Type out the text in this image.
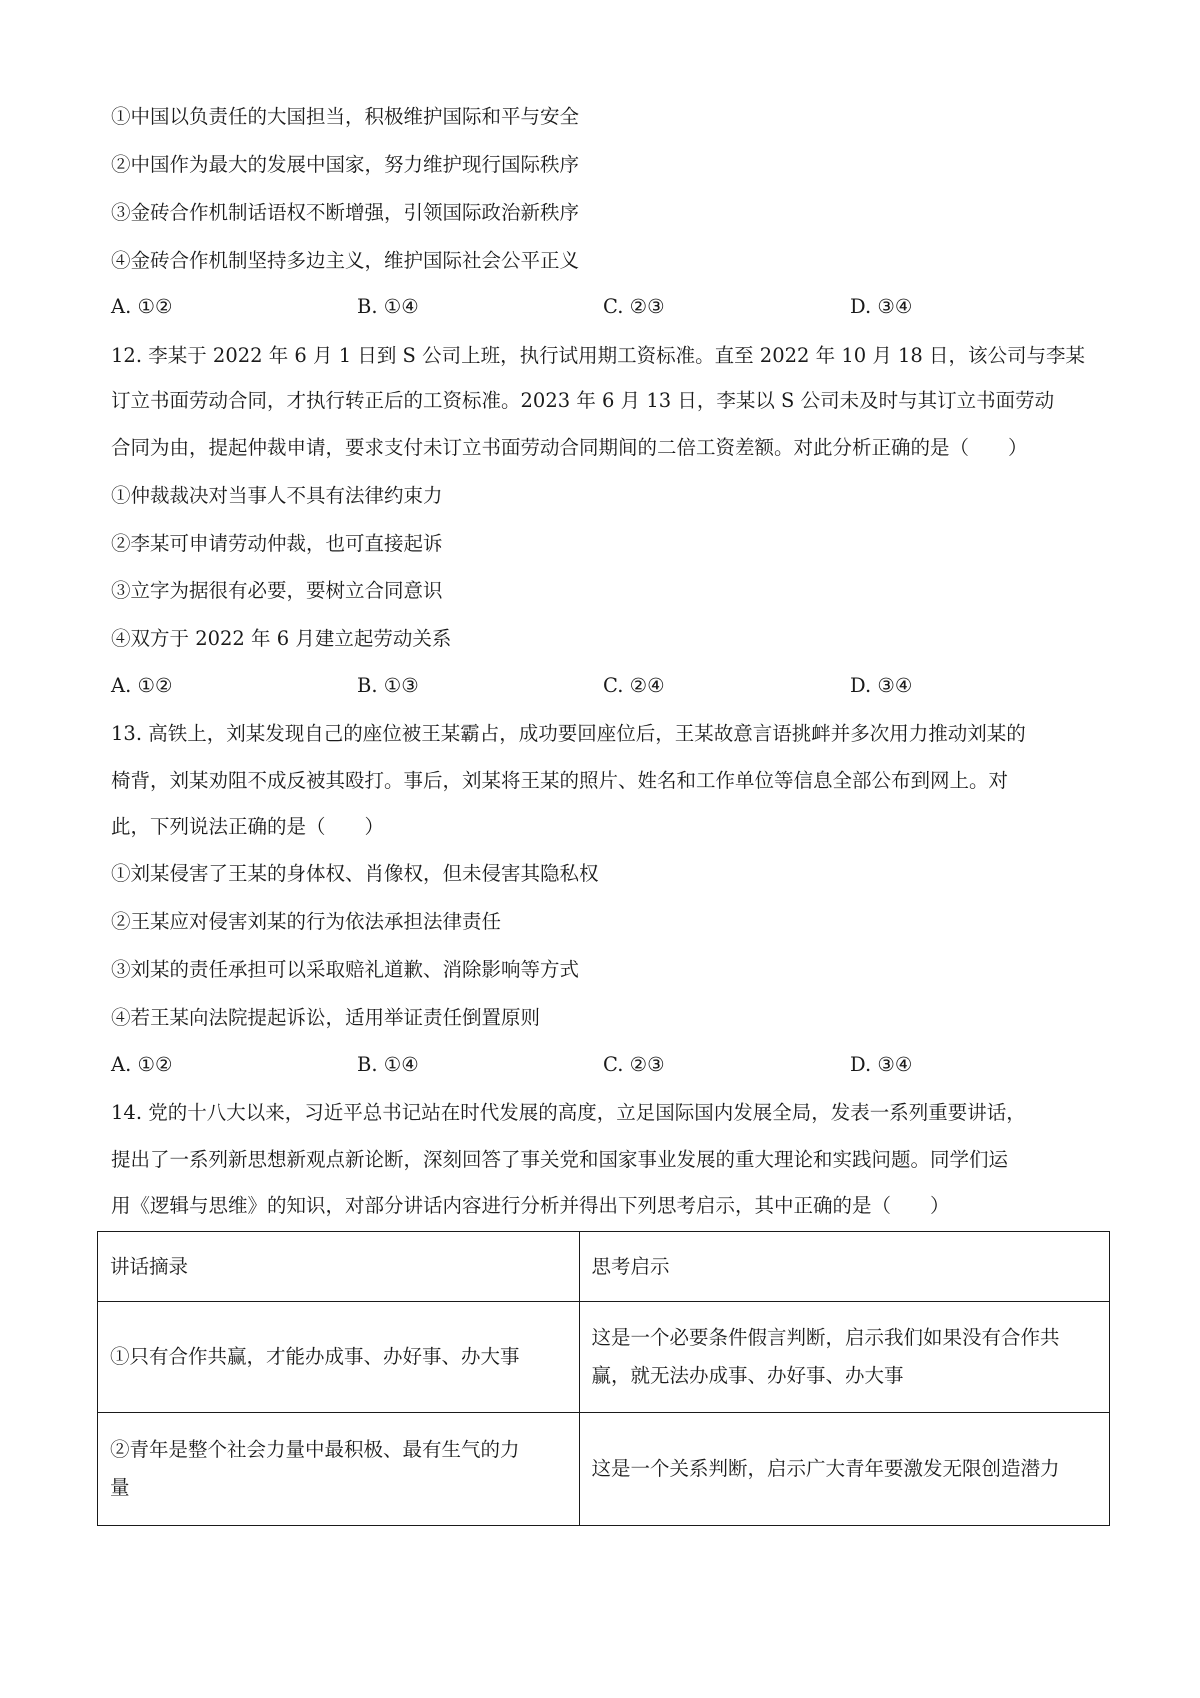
①中国以负责任的大国担当，积极维护国际和平与安全
②中国作为最大的发展中国家，努力维护现行国际秩序
③金砖合作机制话语权不断增强，引领国际政治新秩序
④金砖合作机制坚持多边主义，维护国际社会公平正义
A. ①②	B. ①④	C. ②③	D. ③④
12. 李某于 2022 年 6 月 1 日到 S 公司上班，执行试用期工资标准。直至 2022 年 10 月 18 日，该公司与李某
订立书面劳动合同，才执行转正后的工资标准。2023 年 6 月 13 日，李某以 S 公司未及时与其订立书面劳动
合同为由，提起仲裁申请，要求支付未订立书面劳动合同期间的二倍工资差额。对此分析正确的是（　　）
①仲裁裁决对当事人不具有法律约束力
②李某可申请劳动仲裁，也可直接起诉
③立字为据很有必要，要树立合同意识
④双方于 2022 年 6 月建立起劳动关系
A. ①②	B. ①③	C. ②④	D. ③④
13. 高铁上，刘某发现自己的座位被王某霸占，成功要回座位后，王某故意言语挑衅并多次用力推动刘某的
椅背，刘某劝阻不成反被其殴打。事后，刘某将王某的照片、姓名和工作单位等信息全部公布到网上。对
此，下列说法正确的是（　　）
①刘某侵害了王某的身体权、肖像权，但未侵害其隐私权
②王某应对侵害刘某的行为依法承担法律责任
③刘某的责任承担可以采取赔礼道歉、消除影响等方式
④若王某向法院提起诉讼，适用举证责任倒置原则
A. ①②	B. ①④	C. ②③	D. ③④
14. 党的十八大以来，习近平总书记站在时代发展的高度，立足国际国内发展全局，发表一系列重要讲话，
提出了一系列新思想新观点新论断，深刻回答了事关党和国家事业发展的重大理论和实践问题。同学们运
用《逻辑与思维》的知识，对部分讲话内容进行分析并得出下列思考启示，其中正确的是（　　）
讲话摘录	思考启示

①只有合作共赢，才能办成事、办好事、办大事	这是一个必要条件假言判断，启示我们如果没有合作共
赢，就无法办成事、办好事、办大事

②青年是整个社会力量中最积极、最有生气的力
量	这是一个关系判断，启示广大青年要激发无限创造潜力
